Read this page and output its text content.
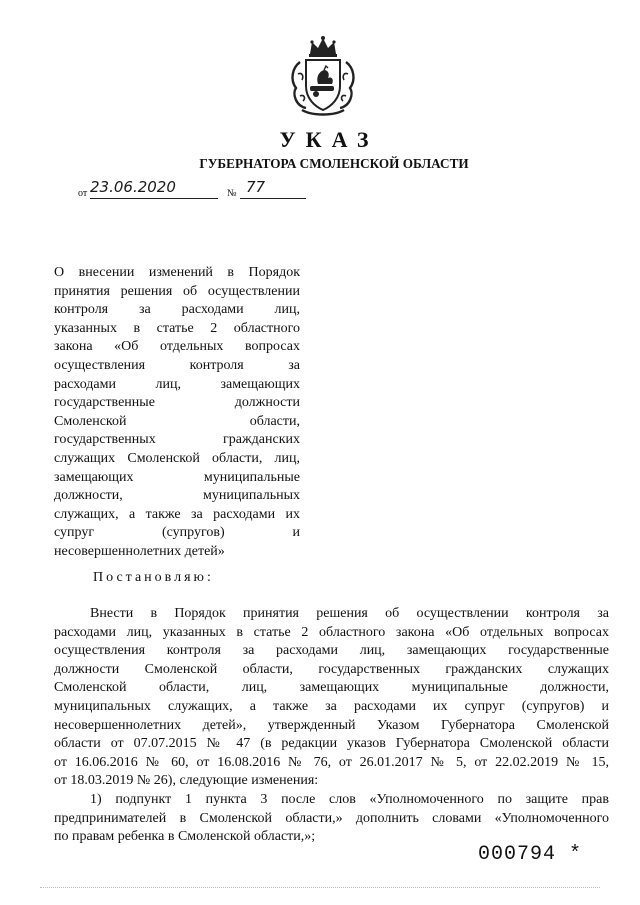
УКАЗ
ГУБЕРНАТОРА СМОЛЕНСКОЙ ОБЛАСТИ
от 23.06.2020	№ 77
О внесении изменений в Порядок
принятия решения об осуществлении
контроля за расходами лиц,
указанных в статье 2 областного
закона «Об отдельных вопросах
осуществления контроля за
расходами лиц, замещающих
государственные должности
Смоленской области,
государственных гражданских
служащих Смоленской области, лиц,
замещающих муниципальные
должности, муниципальных
служащих, а также за расходами их
супруг (супругов) и
несовершеннолетних детей»
Постановляю:
Внести в Порядок принятия решения об осуществлении контроля за
расходами лиц, указанных в статье 2 областного закона «Об отдельных вопросах
осуществления контроля за расходами лиц, замещающих государственные
должности Смоленской области, государственных гражданских служащих
Смоленской области, лиц, замещающих муниципальные должности,
муниципальных служащих, а также за расходами их супруг (супругов) и
несовершеннолетних детей», утвержденный Указом Губернатора Смоленской
области от 07.07.2015 № 47 (в редакции указов Губернатора Смоленской области
от 16.06.2016 № 60, от 16.08.2016 № 76, от 26.01.2017 № 5, от 22.02.2019 № 15,
от 18.03.2019 № 26), следующие изменения:
1) подпункт 1 пункта 3 после слов «Уполномоченного по защите прав
предпринимателей в Смоленской области,» дополнить словами «Уполномоченного
по правам ребенка в Смоленской области,»;
000794 *
